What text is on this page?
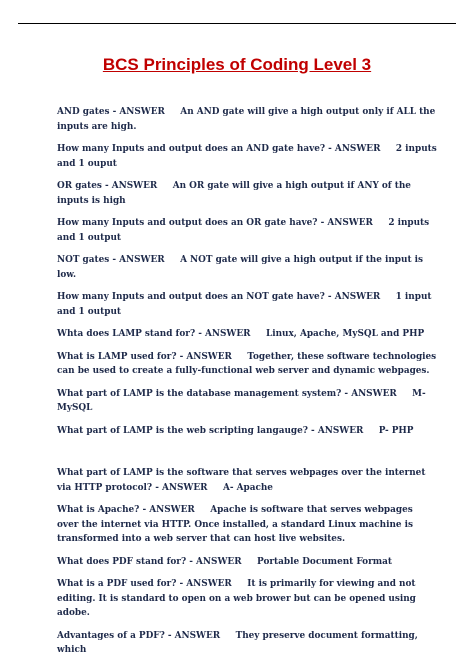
BCS Principles of Coding Level 3

AND gates - ANSWER     An AND gate will give a high output only if ALL the inputs are high.

How many Inputs and output does an AND gate have? - ANSWER     2 inputs and 1 ouput

OR gates - ANSWER     An OR gate will give a high output if ANY of the inputs is high

How many Inputs and output does an OR gate have? - ANSWER     2 inputs and 1 output

NOT gates - ANSWER     A NOT gate will give a high output if the input is low.

How many Inputs and output does an NOT gate have? - ANSWER     1 input and 1 output

Whta does LAMP stand for? - ANSWER     Linux, Apache, MySQL and PHP

What is LAMP used for? - ANSWER     Together, these software technologies can be used to create a fully-functional web server and dynamic webpages.

What part of LAMP is the database management system? - ANSWER     M- MySQL

What part of LAMP is the web scripting langauge? - ANSWER     P- PHP

What part of LAMP is the software that serves webpages over the internet via HTTP protocol? - ANSWER     A- Apache

What is Apache? - ANSWER     Apache is software that serves webpages over the internet via HTTP. Once installed, a standard Linux machine is transformed into a web server that can host live websites.

What does PDF stand for? - ANSWER     Portable Document Format

What is a PDF used for? - ANSWER     It is primarily for viewing and not editing. It is standard to open on a web brower but can be opened using adobe.

Advantages of a PDF? - ANSWER     They preserve document formatting, which
